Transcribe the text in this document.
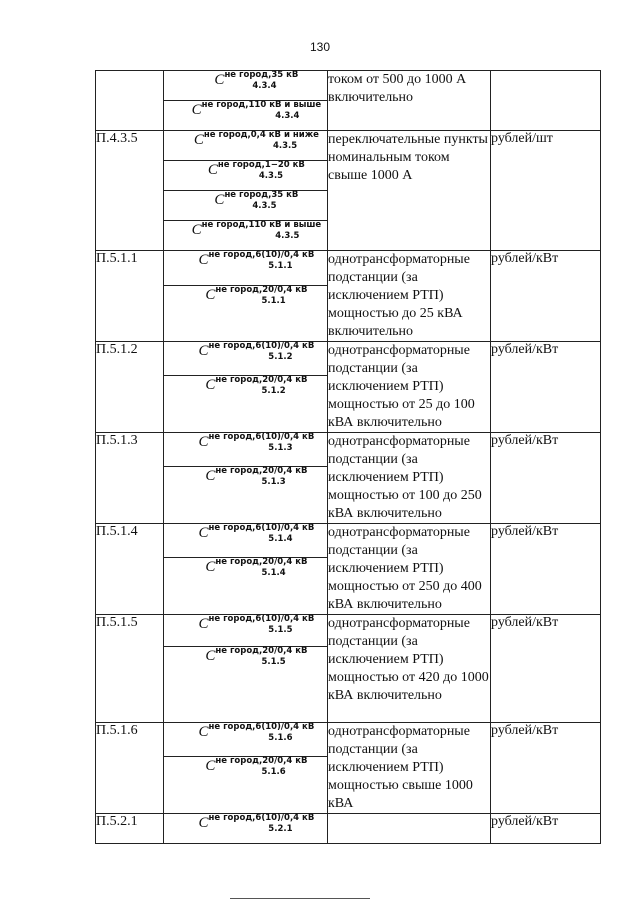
130
	$C^{не город,35 кВ}_{4.3.4}$	током от 500 до 1000 А включительно	
	$C^{не город,110 кВ и выше}_{4.3.4}$
П.4.3.5	$C^{не город,0,4 кВ и ниже}_{4.3.5}$	переключательные пункты номинальным током свыше 1000 А	рублей/шт
	$C^{не город,1-20 кВ}_{4.3.5}$
	$C^{не город,35 кВ}_{4.3.5}$
	$C^{не город,110 кВ и выше}_{4.3.5}$
П.5.1.1	$C^{не город,6(10)/0,4 кВ}_{5.1.1}$	однотрансформаторные подстанции (за исключением РТП) мощностью до 25 кВА включительно	рублей/кВт
	$C^{не город,20/0,4 кВ}_{5.1.1}$
П.5.1.2	$C^{не город,6(10)/0,4 кВ}_{5.1.2}$	однотрансформаторные подстанции (за исключением РТП) мощностью от 25 до 100 кВА включительно	рублей/кВт
	$C^{не город,20/0,4 кВ}_{5.1.2}$
П.5.1.3	$C^{не город,6(10)/0,4 кВ}_{5.1.3}$	однотрансформаторные подстанции (за исключением РТП) мощностью от 100 до 250 кВА включительно	рублей/кВт
	$C^{не город,20/0,4 кВ}_{5.1.3}$
П.5.1.4	$C^{не город,6(10)/0,4 кВ}_{5.1.4}$	однотрансформаторные подстанции (за исключением РТП) мощностью от 250 до 400 кВА включительно	рублей/кВт
	$C^{не город,20/0,4 кВ}_{5.1.4}$
П.5.1.5	$C^{не город,6(10)/0,4 кВ}_{5.1.5}$	однотрансформаторные подстанции (за исключением РТП) мощностью от 420 до 1000 кВА включительно	рублей/кВт
	$C^{не город,20/0,4 кВ}_{5.1.5}$
П.5.1.6	$C^{не город,6(10)/0,4 кВ}_{5.1.6}$	однотрансформаторные подстанции (за исключением РТП) мощностью свыше 1000 кВА	рублей/кВт
	$C^{не город,20/0,4 кВ}_{5.1.6}$
П.5.2.1	$C^{не город,6(10)/0,4 кВ}_{5.2.1}$		рублей/кВт
